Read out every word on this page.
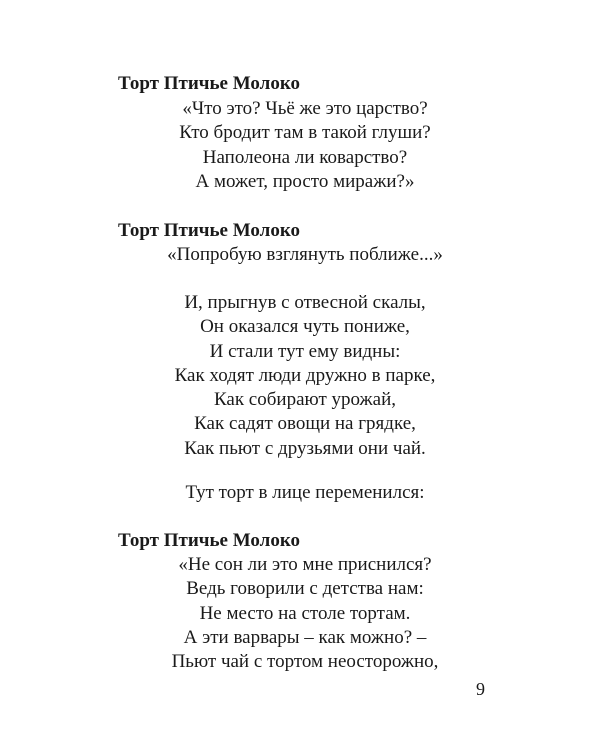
Торт Птичье Молоко
«Что это? Чьё же это царство?
Кто бродит там в такой глуши?
Наполеона ли коварство?
А может, просто миражи?»
Торт Птичье Молоко
«Попробую взглянуть поближе...»
И, прыгнув с отвесной скалы,
Он оказался чуть пониже,
И стали тут ему видны:
Как ходят люди дружно в парке,
Как собирают урожай,
Как садят овощи на грядке,
Как пьют с друзьями они чай.
Тут торт в лице переменился:
Торт Птичье Молоко
«Не сон ли это мне приснился?
Ведь говорили с детства нам:
Не место на столе тортам.
А эти варвары – как можно? –
Пьют чай с тортом неосторожно,
9
